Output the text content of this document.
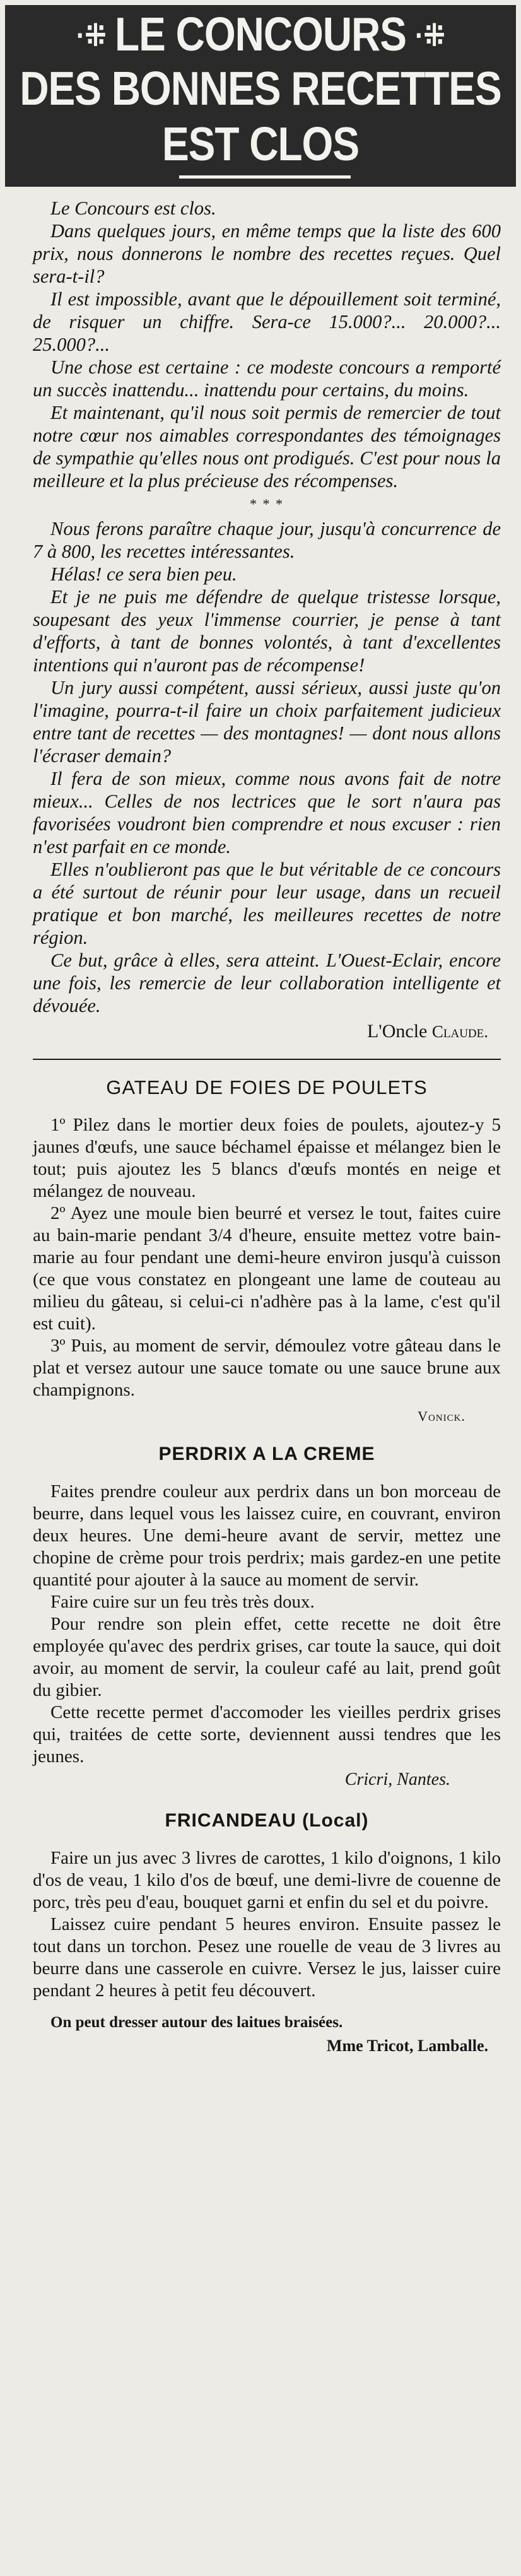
·⁜ LE CONCOURS ·⁜
DES BONNES RECETTES
EST CLOS

Le Concours est clos.

Dans quelques jours, en même temps que la liste des 600 prix, nous donnerons le nombre des recettes reçues. Quel sera-t-il?

Il est impossible, avant que le dépouillement soit terminé, de risquer un chiffre. Sera-ce 15.000?... 20.000?... 25.000?...

Une chose est certaine : ce modeste concours a remporté un succès inattendu... inattendu pour certains, du moins.

Et maintenant, qu'il nous soit permis de remercier de tout notre cœur nos aimables correspondantes des témoignages de sympathie qu'elles nous ont prodigués. C'est pour nous la meilleure et la plus précieuse des récompenses.

* * *

Nous ferons paraître chaque jour, jusqu'à concurrence de 7 à 800, les recettes intéressantes.

Hélas! ce sera bien peu.

Et je ne puis me défendre de quelque tristesse lorsque, soupesant des yeux l'immense courrier, je pense à tant d'efforts, à tant de bonnes volontés, à tant d'excellentes intentions qui n'auront pas de récompense!

Un jury aussi compétent, aussi sérieux, aussi juste qu'on l'imagine, pourra-t-il faire un choix parfaitement judicieux entre tant de recettes — des montagnes! — dont nous allons l'écraser demain?

Il fera de son mieux, comme nous avons fait de notre mieux... Celles de nos lectrices que le sort n'aura pas favorisées voudront bien comprendre et nous excuser : rien n'est parfait en ce monde.

Elles n'oublieront pas que le but véritable de ce concours a été surtout de réunir pour leur usage, dans un recueil pratique et bon marché, les meilleures recettes de notre région.

Ce but, grâce à elles, sera atteint. L'Ouest-Eclair, encore une fois, les remercie de leur collaboration intelligente et dévouée.

L'Oncle Claude.
GATEAU DE FOIES DE POULETS

1º Pilez dans le mortier deux foies de poulets, ajoutez-y 5 jaunes d'œufs, une sauce béchamel épaisse et mélangez bien le tout; puis ajoutez les 5 blancs d'œufs montés en neige et mélangez de nouveau.

2º Ayez une moule bien beurré et versez le tout, faites cuire au bain-marie pendant 3/4 d'heure, ensuite mettez votre bain-marie au four pendant une demi-heure environ jusqu'à cuisson (ce que vous constatez en plongeant une lame de couteau au milieu du gâteau, si celui-ci n'adhère pas à la lame, c'est qu'il est cuit).

3º Puis, au moment de servir, démoulez votre gâteau dans le plat et versez autour une sauce tomate ou une sauce brune aux champignons.

Vonick.
PERDRIX A LA CREME

Faites prendre couleur aux perdrix dans un bon morceau de beurre, dans lequel vous les laissez cuire, en couvrant, environ deux heures. Une demi-heure avant de servir, mettez une chopine de crème pour trois perdrix; mais gardez-en une petite quantité pour ajouter à la sauce au moment de servir.

Faire cuire sur un feu très très doux.

Pour rendre son plein effet, cette recette ne doit être employée qu'avec des perdrix grises, car toute la sauce, qui doit avoir, au moment de servir, la couleur café au lait, prend goût du gibier.

Cette recette permet d'accomoder les vieilles perdrix grises qui, traitées de cette sorte, deviennent aussi tendres que les jeunes.

Cricri, Nantes.
FRICANDEAU (Local)

Faire un jus avec 3 livres de carottes, 1 kilo d'oignons, 1 kilo d'os de veau, 1 kilo d'os de bœuf, une demi-livre de couenne de porc, très peu d'eau, bouquet garni et enfin du sel et du poivre.

Laissez cuire pendant 5 heures environ. Ensuite passez le tout dans un torchon. Pesez une rouelle de veau de 3 livres au beurre dans une casserole en cuivre. Versez le jus, laisser cuire pendant 2 heures à petit feu découvert.

On peut dresser autour des laitues braisées.
Mme Tricot, Lamballe.
